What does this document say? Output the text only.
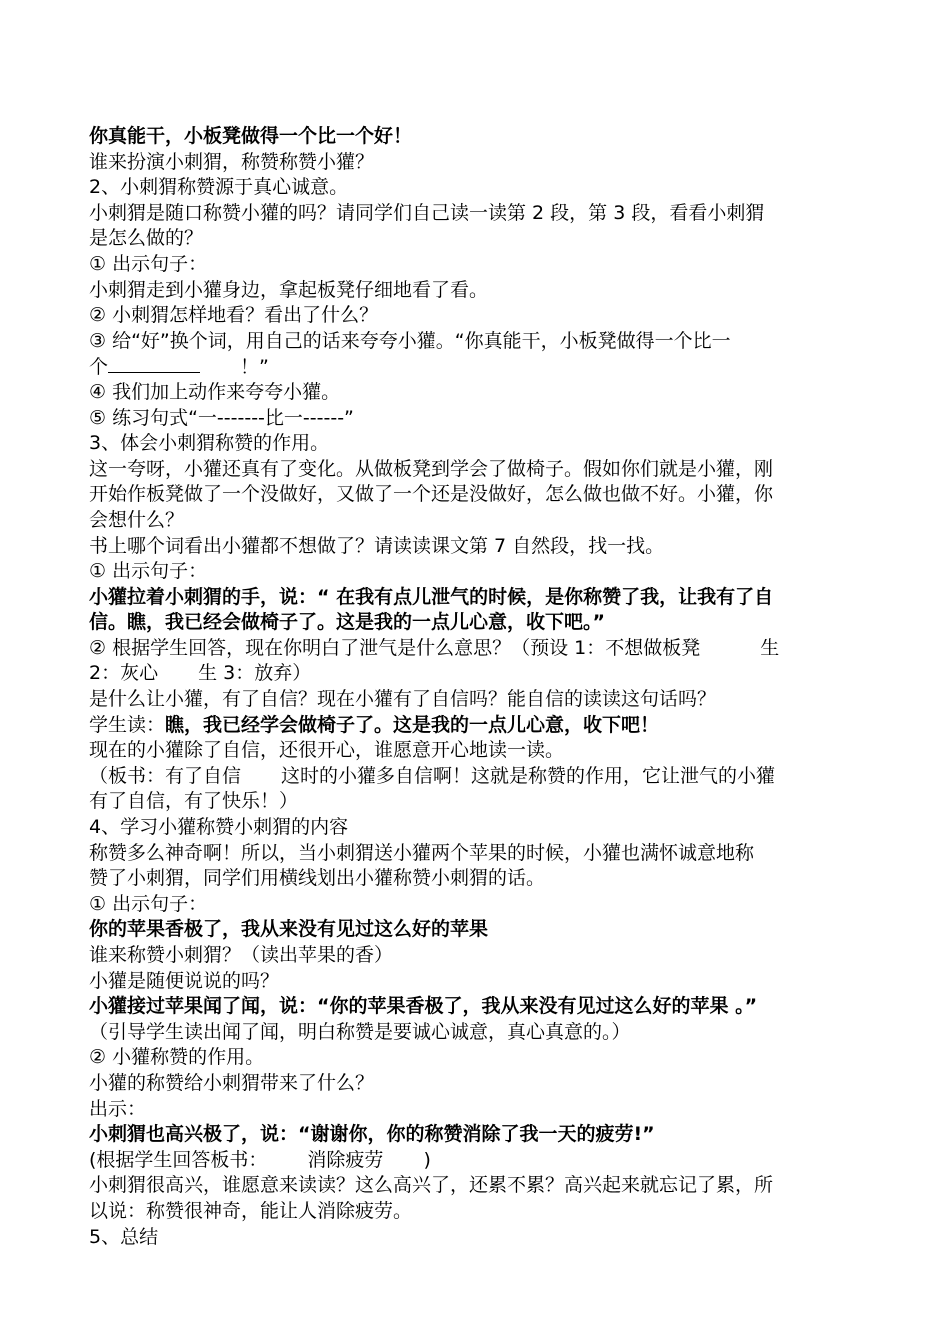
你真能干，小板凳做得一个比一个好！
谁来扮演小刺猬，称赞称赞小獾？
2、小刺猬称赞源于真心诚意。
小刺猬是随口称赞小獾的吗？请同学们自己读一读第 2 段，第 3 段，看看小刺猬
是怎么做的？
① 出示句子：
小刺猬走到小獾身边，拿起板凳仔细地看了看。
② 小刺猬怎样地看？看出了什么？
③ 给“好”换个词，用自己的话来夸夸小獾。“你真能干，小板凳做得一个比一
个	！”
④ 我们加上动作来夸夸小獾。
⑤ 练习句式“一-------比一------”
3、体会小刺猬称赞的作用。
这一夸呀，小獾还真有了变化。从做板凳到学会了做椅子。假如你们就是小獾，刚
开始作板凳做了一个没做好，又做了一个还是没做好，怎么做也做不好。小獾，你
会想什么？
书上哪个词看出小獾都不想做了？请读读课文第 7 自然段，找一找。
① 出示句子：
小獾拉着小刺猬的手，说：“ 在我有点儿泄气的时候，是你称赞了我，让我有了自
信。瞧，我已经会做椅子了。这是我的一点儿心意，收下吧。”
② 根据学生回答，现在你明白了泄气是什么意思？（预设 1：不想做板凳	生
2：灰心 生 3：放弃）
是什么让小獾，有了自信？现在小獾有了自信吗？能自信的读读这句话吗？
学生读：瞧，我已经学会做椅子了。这是我的一点儿心意，收下吧！
现在的小獾除了自信，还很开心，谁愿意开心地读一读。
（板书：有了自信 这时的小獾多自信啊！这就是称赞的作用，它让泄气的小獾
有了自信，有了快乐！）
4、学习小獾称赞小刺猬的内容
称赞多么神奇啊！所以，当小刺猬送小獾两个苹果的时候，小獾也满怀诚意地称
赞了小刺猬，同学们用横线划出小獾称赞小刺猬的话。
① 出示句子：
你的苹果香极了，我从来没有见过这么好的苹果
谁来称赞小刺猬？（读出苹果的香）
小獾是随便说说的吗？
小獾接过苹果闻了闻，说：“你的苹果香极了，我从来没有见过这么好的苹果 。”
（引导学生读出闻了闻，明白称赞是要诚心诚意，真心真意的。）
② 小獾称赞的作用。
小獾的称赞给小刺猬带来了什么？
出示：
小刺猬也高兴极了，说：“谢谢你，你的称赞消除了我一天的疲劳!”
(根据学生回答板书： 消除疲劳 )
小刺猬很高兴，谁愿意来读读？这么高兴了，还累不累？高兴起来就忘记了累，所
以说：称赞很神奇，能让人消除疲劳。
5、总结
